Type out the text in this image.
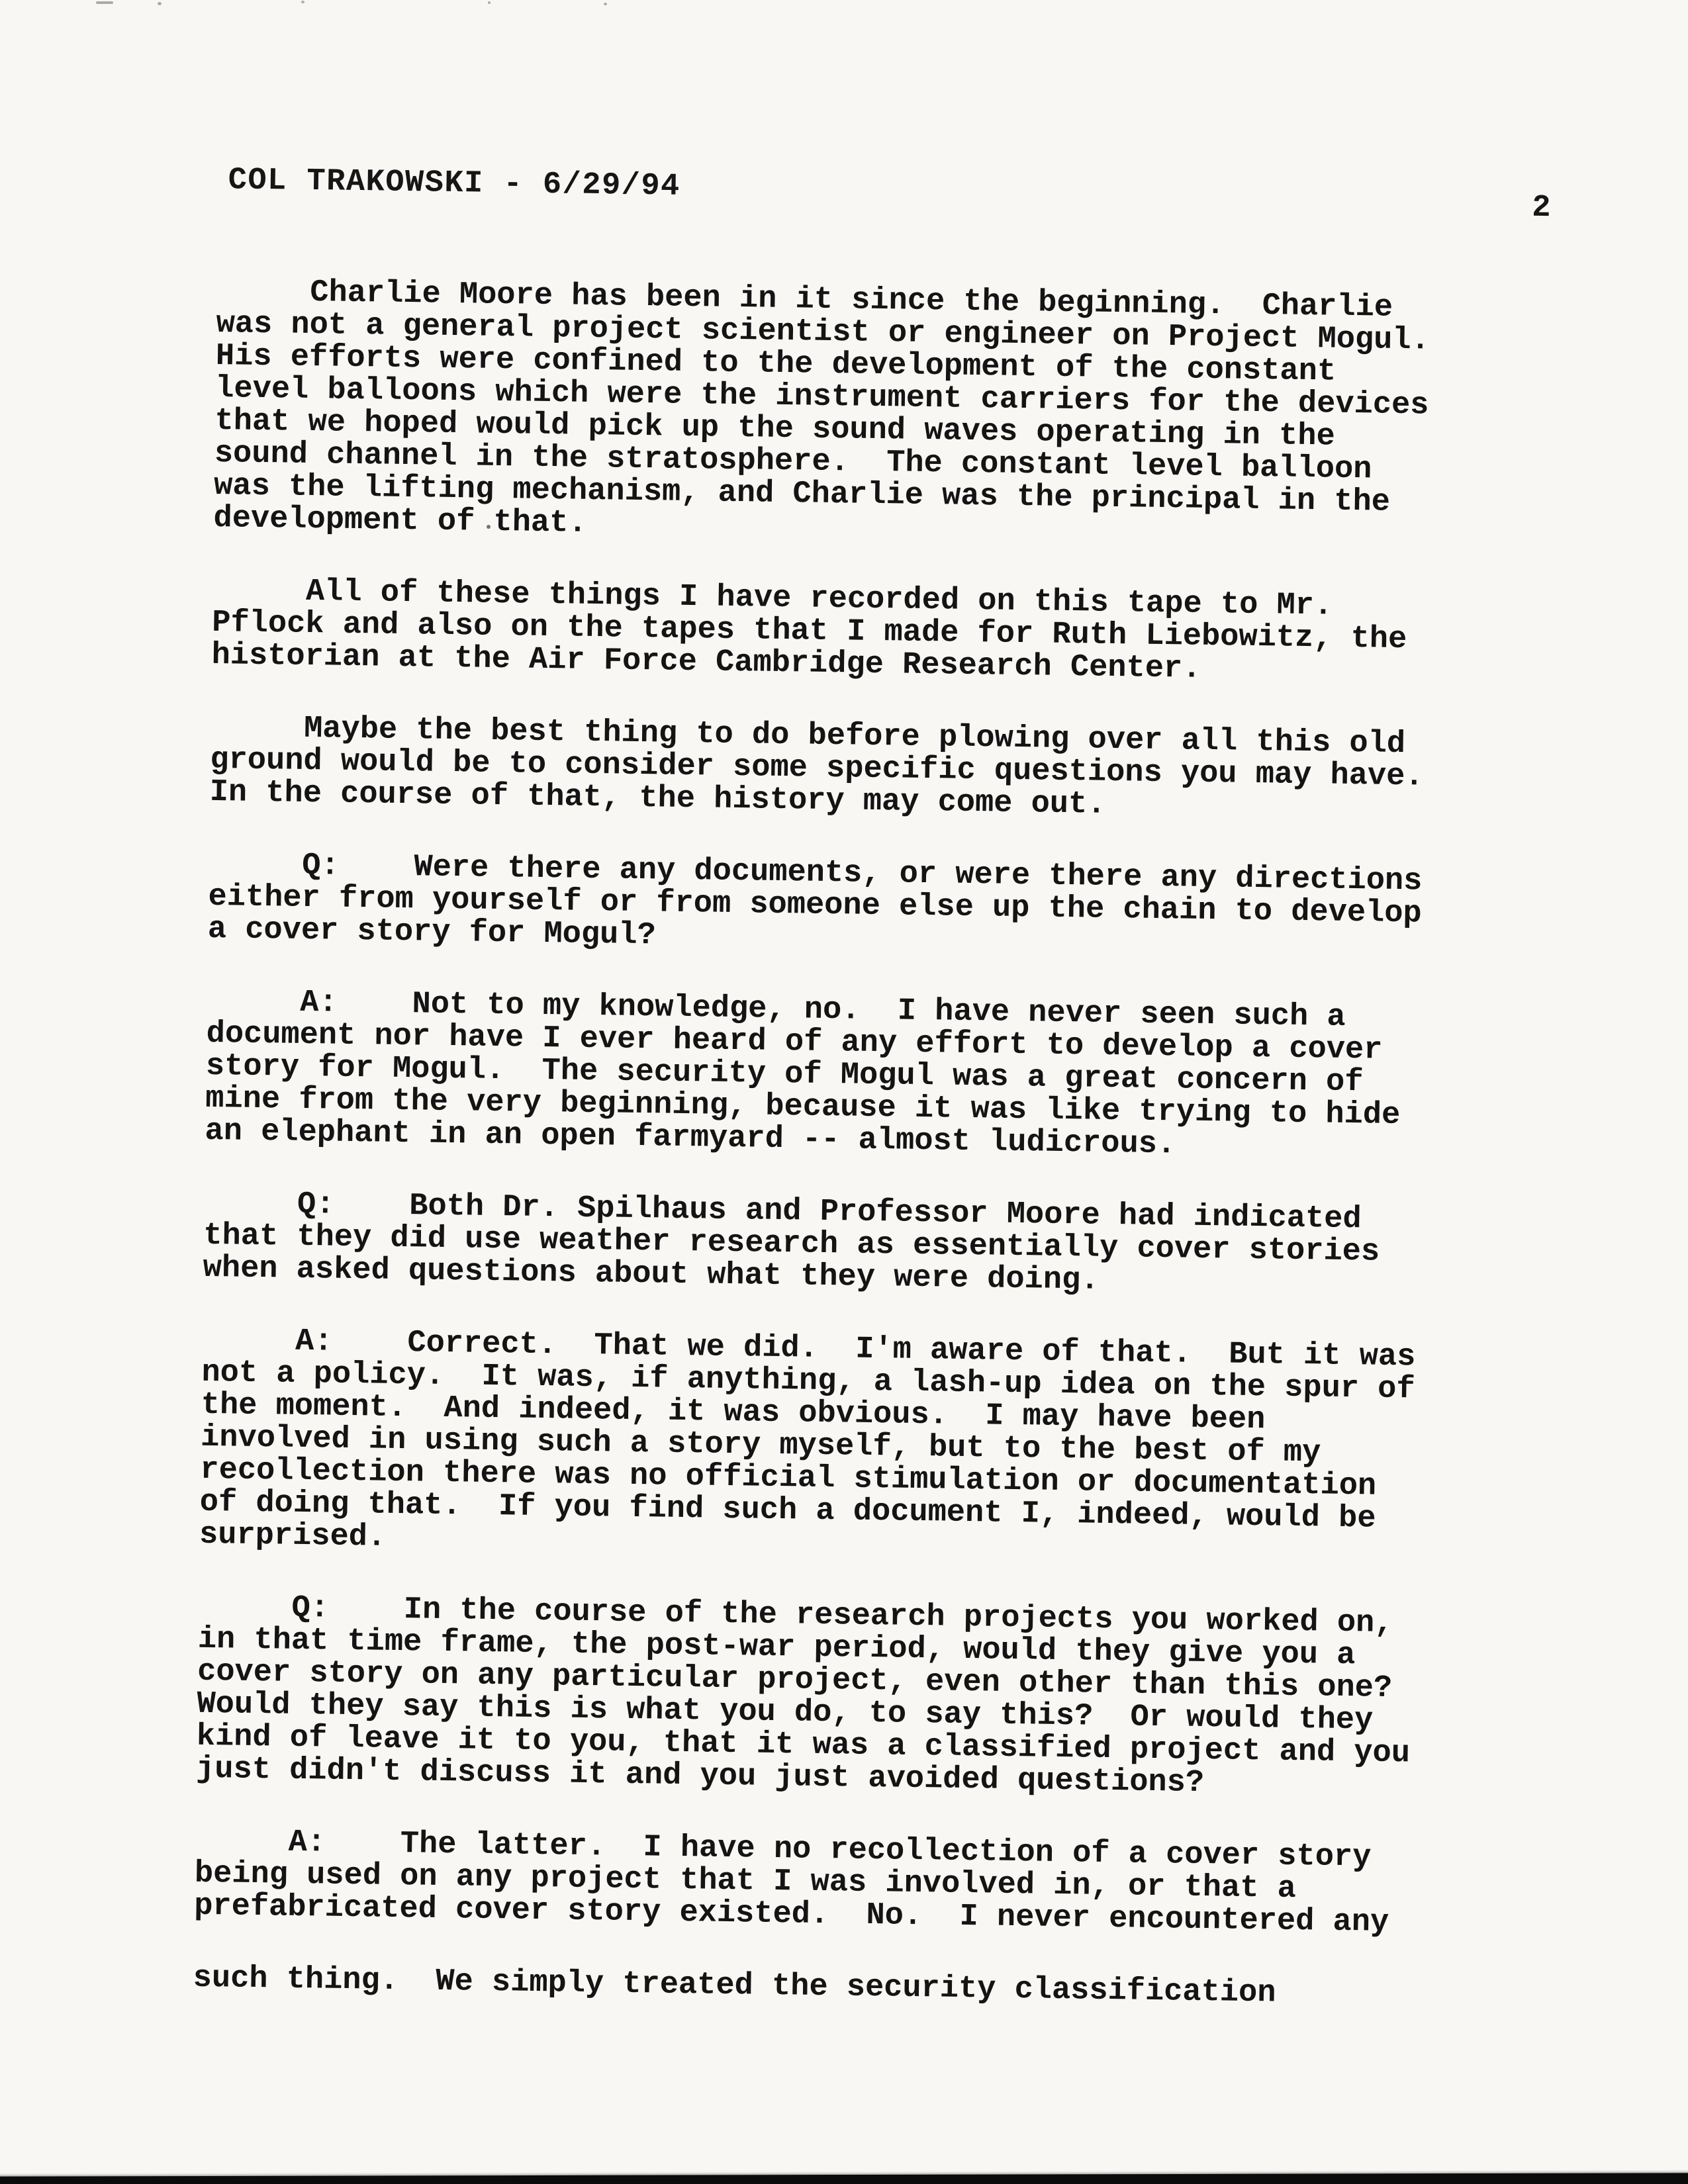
COL TRAKOWSKI - 6/29/94
2
Charlie Moore has been in it since the beginning.  Charlie
was not a general project scientist or engineer on Project Mogul.
His efforts were confined to the development of the constant
level balloons which were the instrument carriers for the devices
that we hoped would pick up the sound waves operating in the
sound channel in the stratosphere.  The constant level balloon
was the lifting mechanism, and Charlie was the principal in the
development of that.
All of these things I have recorded on this tape to Mr.
Pflock and also on the tapes that I made for Ruth Liebowitz, the
historian at the Air Force Cambridge Research Center.
Maybe the best thing to do before plowing over all this old
ground would be to consider some specific questions you may have.
In the course of that, the history may come out.
Q:    Were there any documents, or were there any directions
either from yourself or from someone else up the chain to develop
a cover story for Mogul?
A:    Not to my knowledge, no.  I have never seen such a
document nor have I ever heard of any effort to develop a cover
story for Mogul.  The security of Mogul was a great concern of
mine from the very beginning, because it was like trying to hide
an elephant in an open farmyard -- almost ludicrous.
Q:    Both Dr. Spilhaus and Professor Moore had indicated
that they did use weather research as essentially cover stories
when asked questions about what they were doing.
A:    Correct.  That we did.  I'm aware of that.  But it was
not a policy.  It was, if anything, a lash-up idea on the spur of
the moment.  And indeed, it was obvious.  I may have been
involved in using such a story myself, but to the best of my
recollection there was no official stimulation or documentation
of doing that.  If you find such a document I, indeed, would be
surprised.
Q:    In the course of the research projects you worked on,
in that time frame, the post-war period, would they give you a
cover story on any particular project, even other than this one?
Would they say this is what you do, to say this?  Or would they
kind of leave it to you, that it was a classified project and you
just didn't discuss it and you just avoided questions?
A:    The latter.  I have no recollection of a cover story
being used on any project that I was involved in, or that a
prefabricated cover story existed.  No.  I never encountered any
such thing.  We simply treated the security classification
